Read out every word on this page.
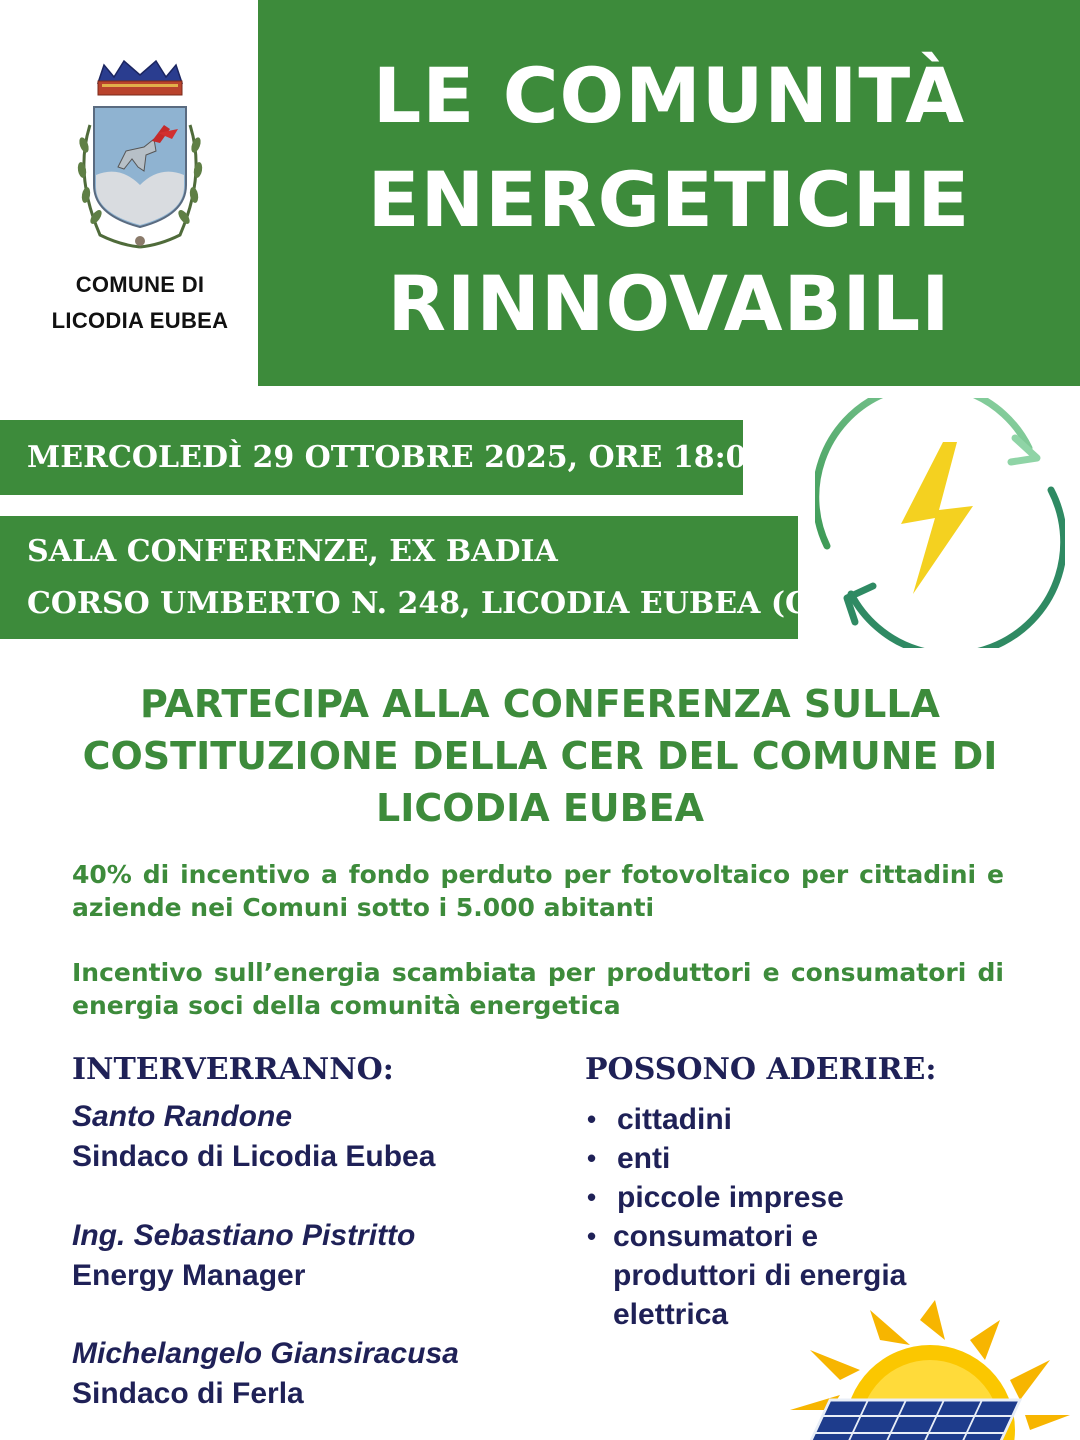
COMUNE DI
LICODIA EUBEA
LE COMUNITÀ
ENERGETICHE
RINNOVABILI
MERCOLEDÌ 29 OTTOBRE 2025, ORE 18:00
SALA CONFERENZE, EX BADIA
CORSO UMBERTO N. 248, LICODIA EUBEA (CT)
PARTECIPA ALLA CONFERENZA SULLA
COSTITUZIONE DELLA CER DEL COMUNE DI
LICODIA EUBEA
40% di incentivo a fondo perduto per fotovoltaico per cittadini e aziende nei Comuni sotto i 5.000 abitanti
Incentivo sull’energia scambiata per produttori e consumatori di energia soci della comunità energetica
INTERVERRANNO:
Santo Randone
Sindaco di Licodia Eubea
Ing. Sebastiano Pistritto
Energy Manager
Michelangelo Giansiracusa
Sindaco di Ferla
POSSONO ADERIRE:
• cittadini
• enti
• piccole imprese
• consumatori e produttori di energia elettrica
